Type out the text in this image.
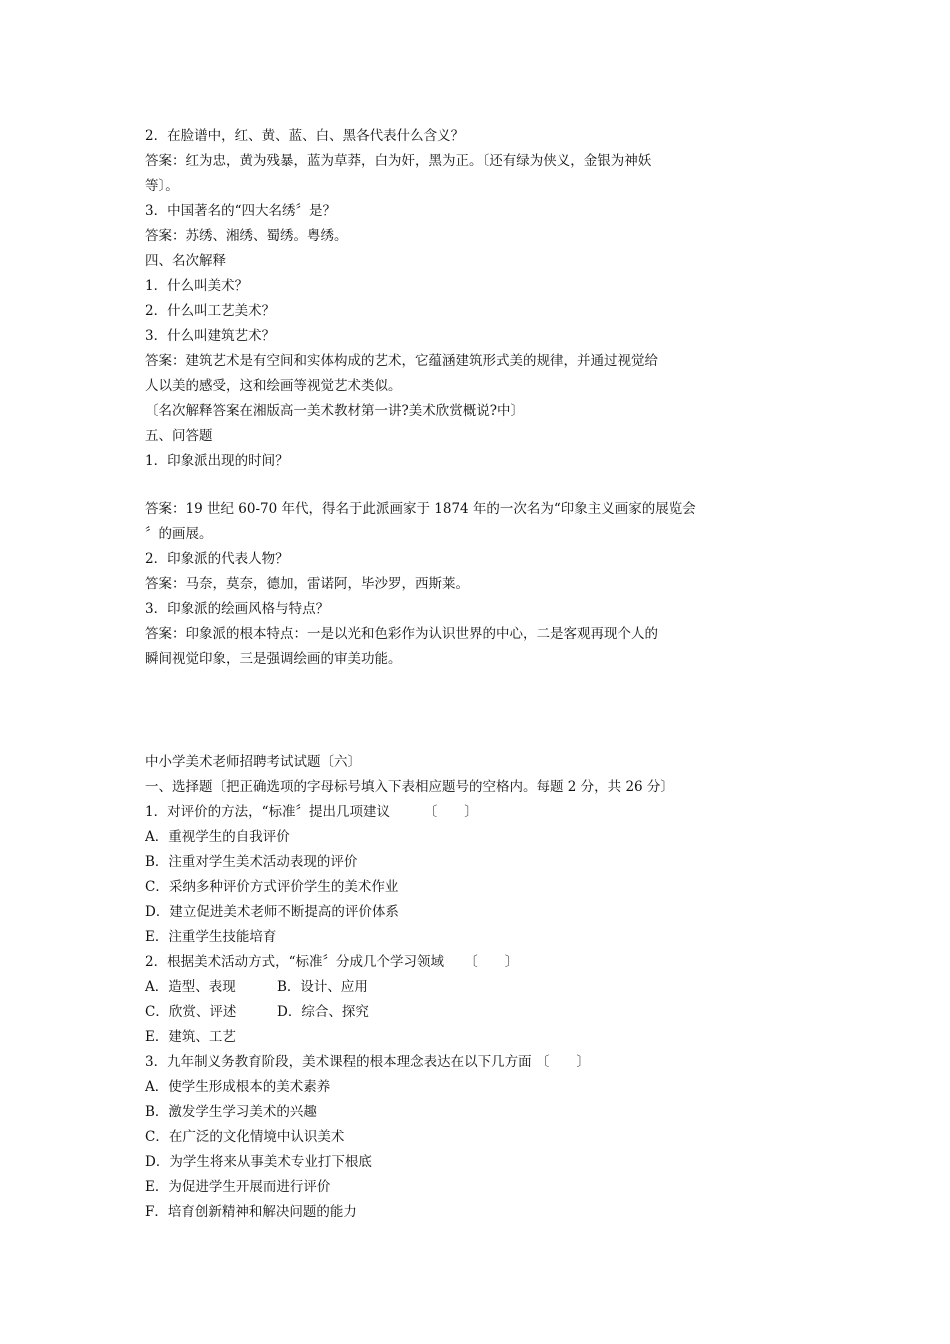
2．在脸谱中，红、黄、蓝、白、黑各代表什么含义？
答案：红为忠，黄为残暴，蓝为草莽，白为奸，黑为正。〔还有绿为侠义，金银为神妖
等〕。
3．中国著名的“四大名绣〞是？
答案：苏绣、湘绣、蜀绣。粤绣。
四、名次解释
1．什么叫美术？
2．什么叫工艺美术？
3．什么叫建筑艺术？
答案：建筑艺术是有空间和实体构成的艺术，它蕴涵建筑形式美的规律，并通过视觉给
人以美的感受，这和绘画等视觉艺术类似。
〔名次解释答案在湘版高一美术教材第一讲?美术欣赏概说?中〕
五、问答题
1．印象派出现的时间？
答案：19 世纪 60-70 年代，得名于此派画家于 1874 年的一次名为“印象主义画家的展览会
〞的画展。
2．印象派的代表人物？
答案：马奈，莫奈，德加，雷诺阿，毕沙罗，西斯莱。
3．印象派的绘画风格与特点？
答案：印象派的根本特点：一是以光和色彩作为认识世界的中心，二是客观再现个人的
瞬间视觉印象，三是强调绘画的审美功能。
中小学美术老师招聘考试试题〔六〕
一、选择题〔把正确选项的字母标号填入下表相应题号的空格内。每题 2 分，共 26 分〕
1．对评价的方法，“标准〞提出几项建议　　　〔　　〕
A．重视学生的自我评价
B．注重对学生美术活动表现的评价
C．采纳多种评价方式评价学生的美术作业
D．建立促进美术老师不断提高的评价体系
E．注重学生技能培育
2．根据美术活动方式，“标准〞分成几个学习领域　　〔　　〕
A．造型、表现	B．设计、应用
C．欣赏、评述	D．综合、探究
E．建筑、工艺
3．九年制义务教育阶段，美术课程的根本理念表达在以下几方面 〔　　〕
A．使学生形成根本的美术素养
B．激发学生学习美术的兴趣
C．在广泛的文化情境中认识美术
D．为学生将来从事美术专业打下根底
E．为促进学生开展而进行评价
F．培育创新精神和解决问题的能力
